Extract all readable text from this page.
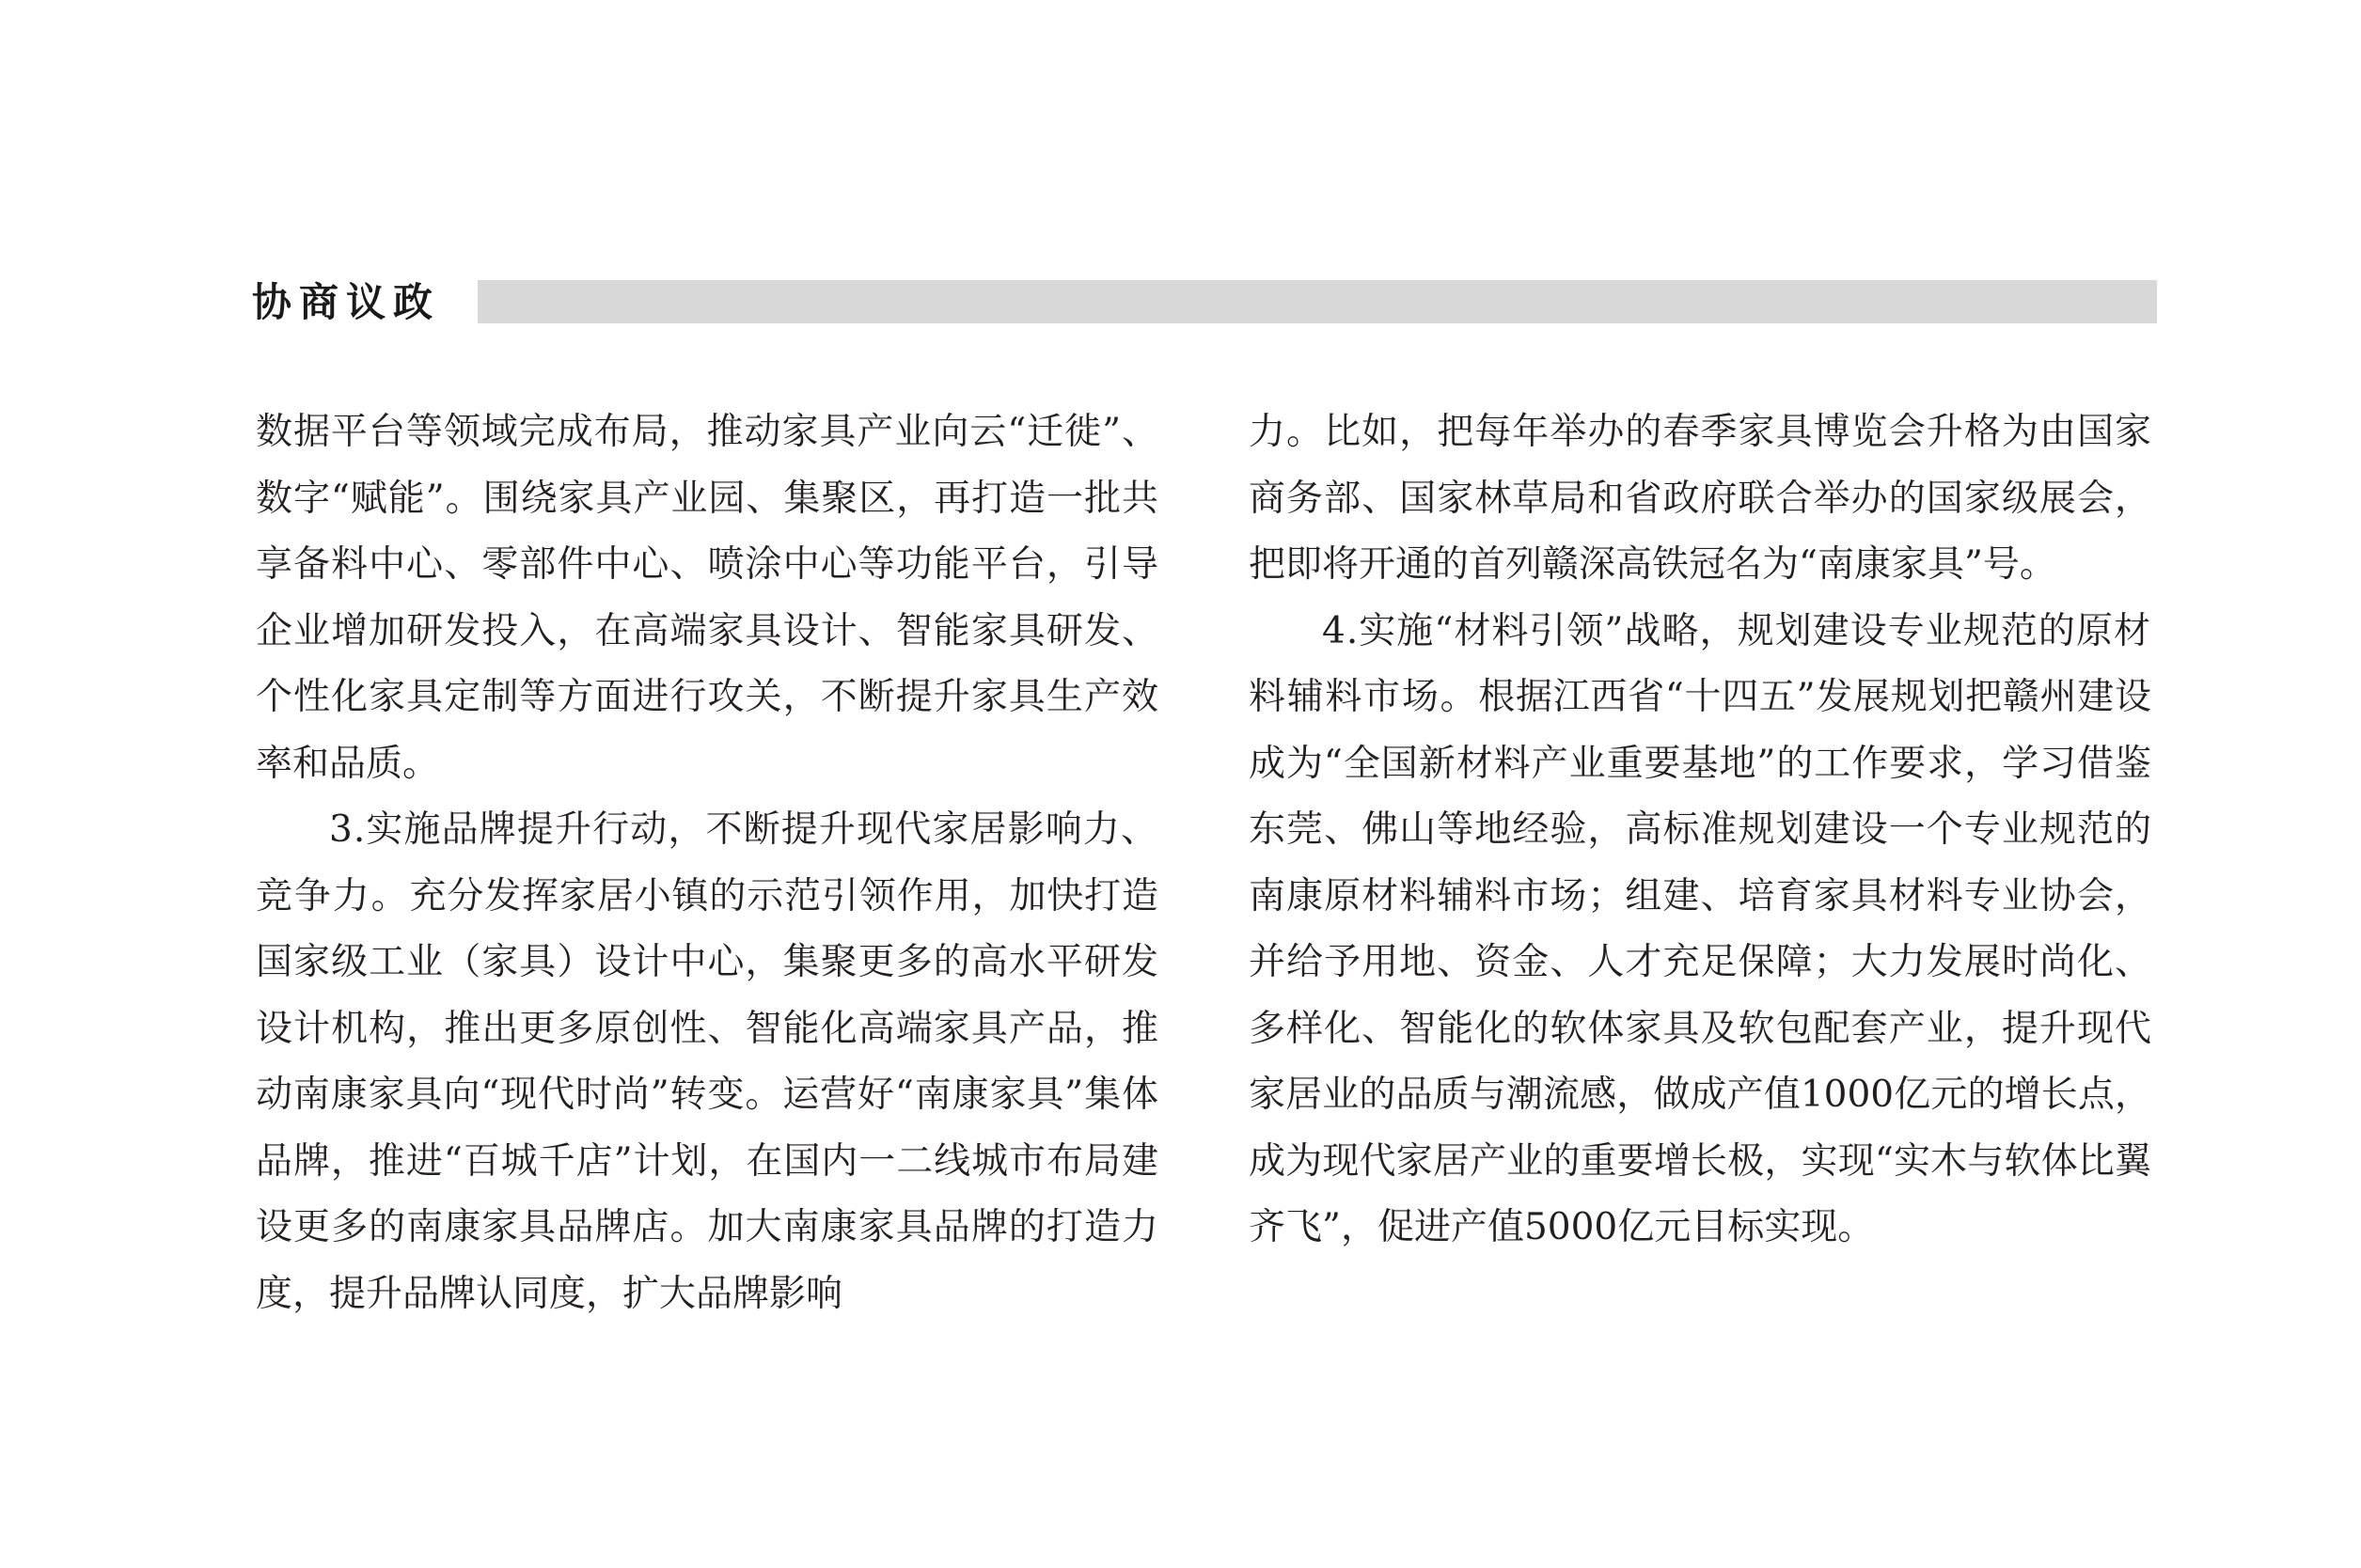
协商议政

数据平台等领域完成布局，推动家具产业向云“迁徙”、数字“赋能”。围绕家具产业园、集聚区，再打造一批共享备料中心、零部件中心、喷涂中心等功能平台，引导企业增加研发投入，在高端家具设计、智能家具研发、个性化家具定制等方面进行攻关，不断提升家具生产效率和品质。

3.实施品牌提升行动，不断提升现代家居影响力、竞争力。充分发挥家居小镇的示范引领作用，加快打造国家级工业（家具）设计中心，集聚更多的高水平研发设计机构，推出更多原创性、智能化高端家具产品，推动南康家具向“现代时尚”转变。运营好“南康家具”集体品牌，推进“百城千店”计划，在国内一二线城市布局建设更多的南康家具品牌店。加大南康家具品牌的打造力度，提升品牌认同度，扩大品牌影响

力。比如，把每年举办的春季家具博览会升格为由国家商务部、国家林草局和省政府联合举办的国家级展会，把即将开通的首列赣深高铁冠名为“南康家具”号。

4.实施“材料引领”战略，规划建设专业规范的原材料辅料市场。根据江西省“十四五”发展规划把赣州建设成为“全国新材料产业重要基地”的工作要求，学习借鉴东莞、佛山等地经验，高标准规划建设一个专业规范的南康原材料辅料市场；组建、培育家具材料专业协会，并给予用地、资金、人才充足保障；大力发展时尚化、多样化、智能化的软体家具及软包配套产业，提升现代家居业的品质与潮流感，做成产值1000亿元的增长点，成为现代家居产业的重要增长极，实现“实木与软体比翼齐飞”，促进产值5000亿元目标实现。
